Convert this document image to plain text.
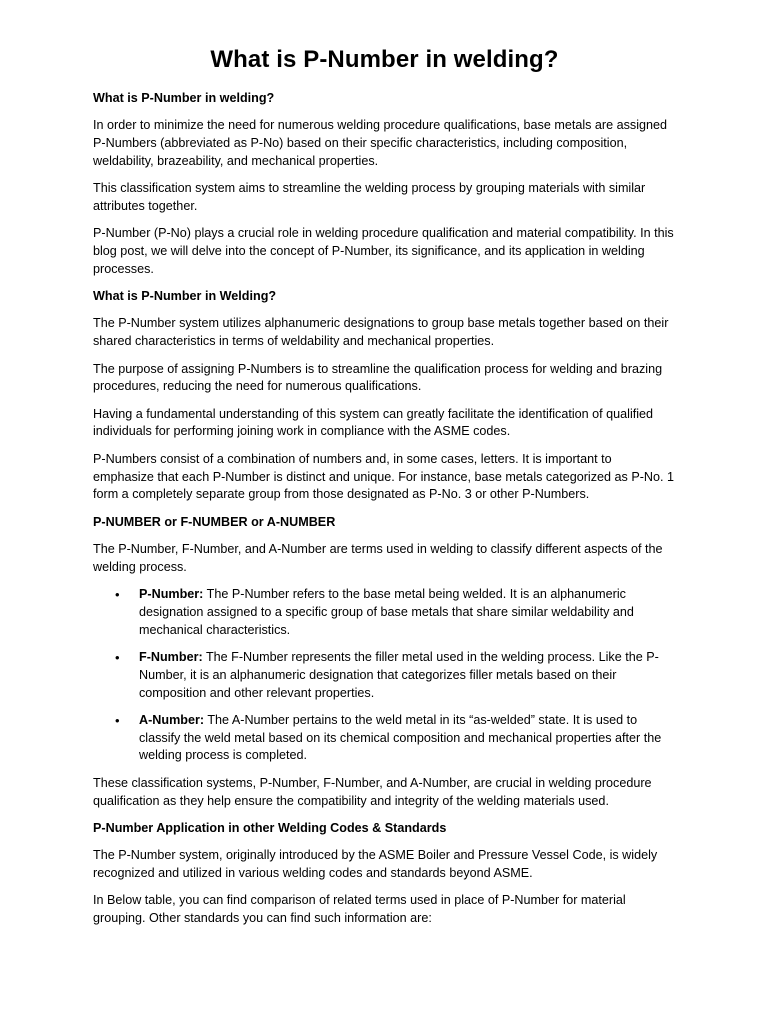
What is P-Number in welding?

What is P-Number in welding?

In order to minimize the need for numerous welding procedure qualifications, base metals are assigned P-Numbers (abbreviated as P-No) based on their specific characteristics, including composition, weldability, brazeability, and mechanical properties.

This classification system aims to streamline the welding process by grouping materials with similar attributes together.

P-Number (P-No) plays a crucial role in welding procedure qualification and material compatibility. In this blog post, we will delve into the concept of P-Number, its significance, and its application in welding processes.

What is P-Number in Welding?

The P-Number system utilizes alphanumeric designations to group base metals together based on their shared characteristics in terms of weldability and mechanical properties.

The purpose of assigning P-Numbers is to streamline the qualification process for welding and brazing procedures, reducing the need for numerous qualifications.

Having a fundamental understanding of this system can greatly facilitate the identification of qualified individuals for performing joining work in compliance with the ASME codes.

P-Numbers consist of a combination of numbers and, in some cases, letters. It is important to emphasize that each P-Number is distinct and unique. For instance, base metals categorized as P-No. 1 form a completely separate group from those designated as P-No. 3 or other P-Numbers.

P-NUMBER or F-NUMBER or A-NUMBER

The P-Number, F-Number, and A-Number are terms used in welding to classify different aspects of the welding process.

• P-Number: The P-Number refers to the base metal being welded. It is an alphanumeric designation assigned to a specific group of base metals that share similar weldability and mechanical characteristics.
• F-Number: The F-Number represents the filler metal used in the welding process. Like the P-Number, it is an alphanumeric designation that categorizes filler metals based on their composition and other relevant properties.
• A-Number: The A-Number pertains to the weld metal in its “as-welded” state. It is used to classify the weld metal based on its chemical composition and mechanical properties after the welding process is completed.

These classification systems, P-Number, F-Number, and A-Number, are crucial in welding procedure qualification as they help ensure the compatibility and integrity of the welding materials used.

P-Number Application in other Welding Codes & Standards

The P-Number system, originally introduced by the ASME Boiler and Pressure Vessel Code, is widely recognized and utilized in various welding codes and standards beyond ASME.

In Below table, you can find comparison of related terms used in place of P-Number for material grouping. Other standards you can find such information are:
